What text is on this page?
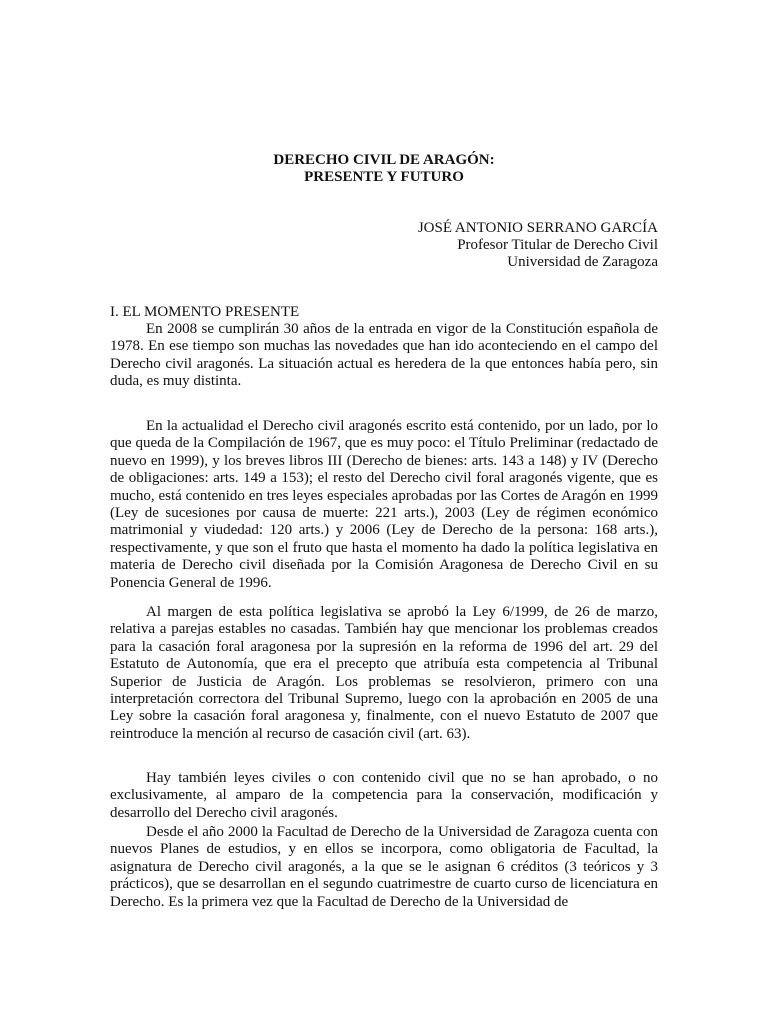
DERECHO CIVIL DE ARAGÓN:
PRESENTE Y FUTURO
JOSÉ ANTONIO SERRANO GARCÍA
Profesor Titular de Derecho Civil
Universidad de Zaragoza
I. EL MOMENTO PRESENTE

En 2008 se cumplirán 30 años de la entrada en vigor de la Constitución española de 1978. En ese tiempo son muchas las novedades que han ido aconteciendo en el campo del Derecho civil aragonés. La situación actual es heredera de la que entonces había pero, sin duda, es muy distinta.

En la actualidad el Derecho civil aragonés escrito está contenido, por un lado, por lo que queda de la Compilación de 1967, que es muy poco: el Título Preliminar (redactado de nuevo en 1999), y los breves libros III (Derecho de bienes: arts. 143 a 148) y IV (Derecho de obligaciones: arts. 149 a 153); el resto del Derecho civil foral aragonés vigente, que es mucho, está contenido en tres leyes especiales aprobadas por las Cortes de Aragón en 1999 (Ley de sucesiones por causa de muerte: 221 arts.), 2003 (Ley de régimen económico matrimonial y viudedad: 120 arts.) y 2006 (Ley de Derecho de la persona: 168 arts.), respectivamente, y que son el fruto que hasta el momento ha dado la política legislativa en materia de Derecho civil diseñada por la Comisión Aragonesa de Derecho Civil en su Ponencia General de 1996.

Al margen de esta política legislativa se aprobó la Ley 6/1999, de 26 de marzo, relativa a parejas estables no casadas. También hay que mencionar los problemas creados para la casación foral aragonesa por la supresión en la reforma de 1996 del art. 29 del Estatuto de Autonomía, que era el precepto que atribuía esta competencia al Tribunal Superior de Justicia de Aragón. Los problemas se resolvieron, primero con una interpretación correctora del Tribunal Supremo, luego con la aprobación en 2005 de una Ley sobre la casación foral aragonesa y, finalmente, con el nuevo Estatuto de 2007 que reintroduce la mención al recurso de casación civil (art. 63).

Hay también leyes civiles o con contenido civil que no se han aprobado, o no exclusivamente, al amparo de la competencia para la conservación, modificación y desarrollo del Derecho civil aragonés.

Desde el año 2000 la Facultad de Derecho de la Universidad de Zaragoza cuenta con nuevos Planes de estudios, y en ellos se incorpora, como obligatoria de Facultad, la asignatura de Derecho civil aragonés, a la que se le asignan 6 créditos (3 teóricos y 3 prácticos), que se desarrollan en el segundo cuatrimestre de cuarto curso de licenciatura en Derecho. Es la primera vez que la Facultad de Derecho de la Universidad de
